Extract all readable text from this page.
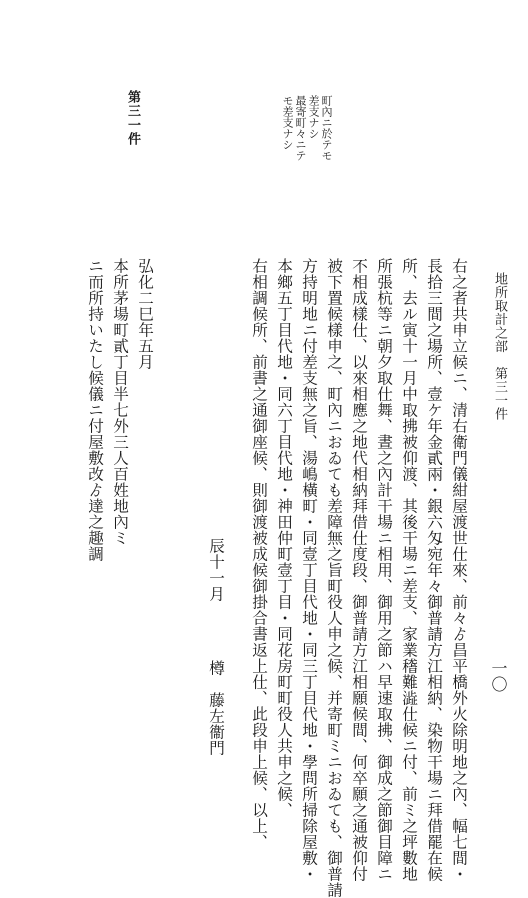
地所取計之部　第三一件
一〇
右之者共申立候ニ、清右衛門儀紺屋渡世仕來、前々ゟ昌平橋外火除明地之內、幅七間・
長拾三間之場所、壹ケ年金貳兩・銀六匁宛年々御普請方江相納、染物干場ニ拜借罷在候
所、去ル寅十一月中取拂被仰渡、其後干場ニ差支、家業𥡴難澁仕候ニ付、前ミ之坪數地
所張杭等ニ朝夕取仕舞、晝之內計干場ニ相用、御用之節ハ早速取拂、御成之節御目障ニ
不相成樣仕、以來相應之地代相納拜借仕度段、御普請方江相願候間、何卒願之通被仰付
被下置候樣申之、町內ニおゐても差障無之旨町役人申之候、并寄町ミニおゐても、御普請
方持明地ニ付差支無之旨、湯嶋橫町・同壹丁目代地・同三丁目代地・學問所掃除屋敷・
本鄉五丁目代地・同六丁目代地・神田仲町壹丁目・同花房町町役人共申之候、
右相調候所、前書之通御座候、則御渡被成候御掛合書返上仕、此段申上候、以上、
辰十一月
樽　藤左衞門
町內ニ於テモ
差支ナシ
最寄町々ニテ
モ差支ナシ
第三一件
弘化二巳年五月
本所茅場町貳丁目半七外三人百姓地內ミ
ニ而所持いたし候儀ニ付屋敷改ゟ達之趣調
